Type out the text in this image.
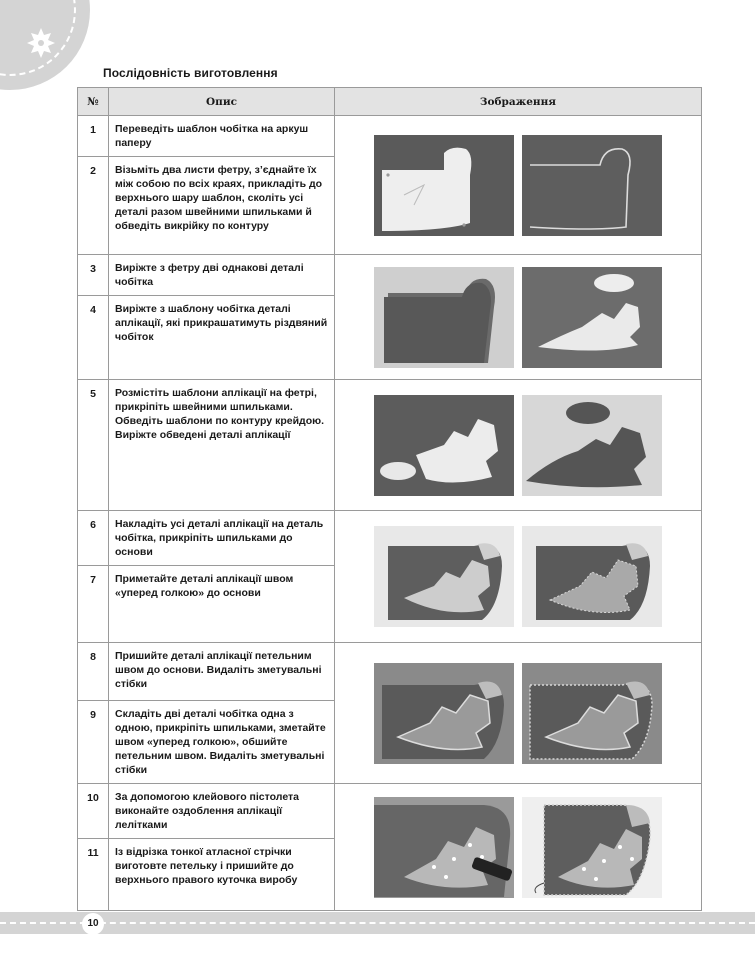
Послідовність виготовлення
№	Опис	Зображення
1	Переведіть шаблон чобітка на аркуш паперу	

2	Візьміть два листи фетру, з’єднайте їх між собою по всіх краях, прикладіть до верхнього шару шаблон, сколіть усі деталі разом швейними шпильками й обведіть викрійку по контуру	
3	Виріжте з фетру дві однакові деталі чобітка	

4	Виріжте з шаблону чобітка деталі аплікації, які прикрашатимуть різдвяний чобіток	
5	Розмістіть шаблони аплікації на фетрі, прикріпіть швейними шпильками. Обведіть шаблони по контуру крейдою. Виріжте обведені деталі аплікації	

6	Накладіть усі деталі аплікації на деталь чобітка, прикріпіть шпильками до основи	

7	Приметайте деталі аплікації швом «уперед голкою» до основи	
8	Пришийте деталі аплікації петельним швом до основи. Видаліть зметувальні стібки	

9	Складіть дві деталі чобітка одна з одною, прикріпіть шпильками, зметайте швом «уперед голкою», обшийте петельним швом. Видаліть зметувальні стібки	
10	За допомогою клейового пістолета виконайте оздоблення аплікації лелітками	

11	Із відрізка тонкої атласної стрічки виготовте петельку і пришийте до верхнього правого куточка виробу	
10
